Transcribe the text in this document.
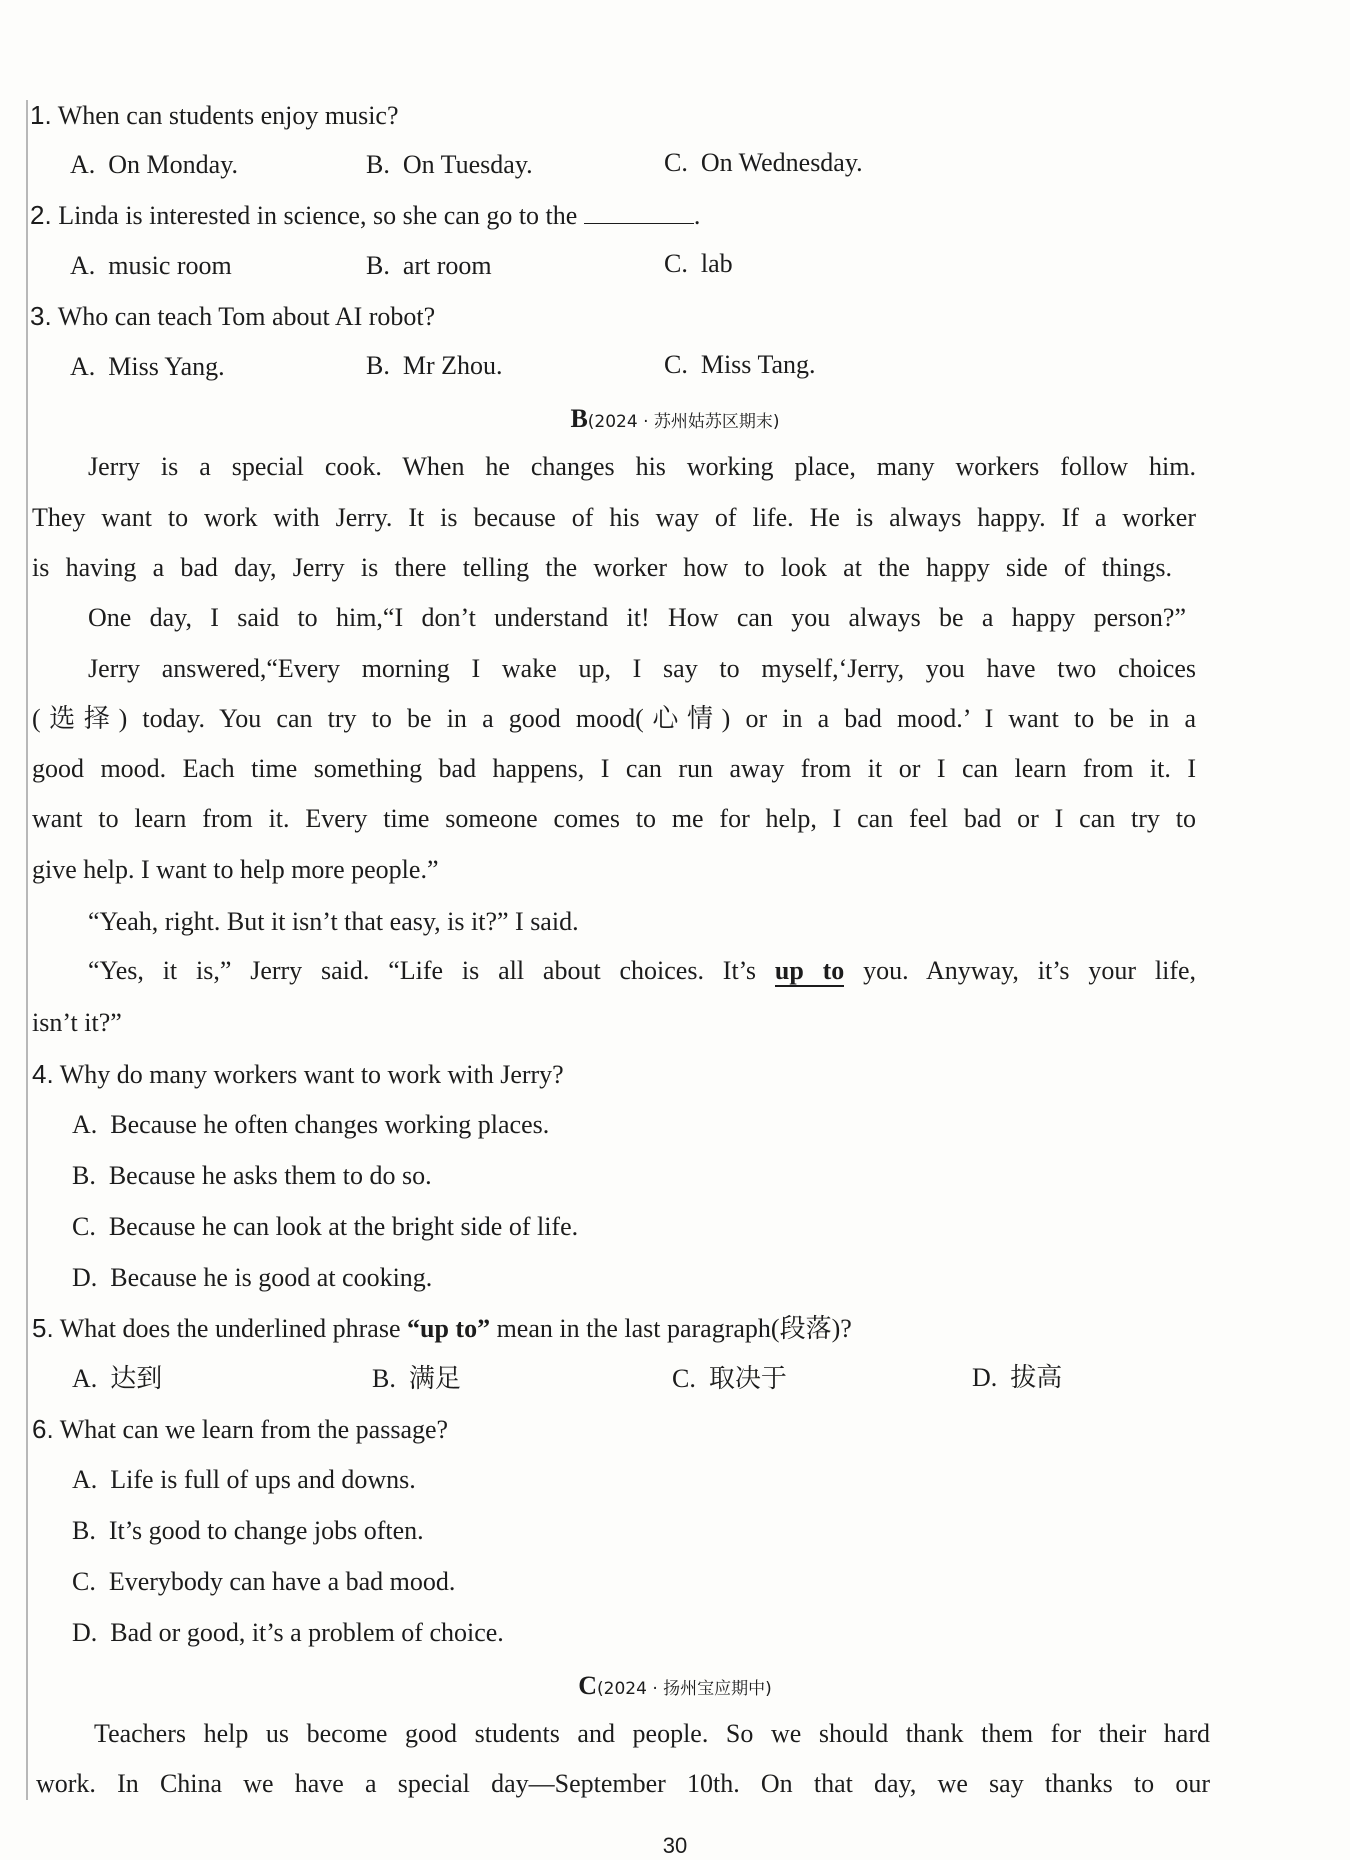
1. When can students enjoy music?
A. On Monday.	B. On Tuesday.	C. On Wednesday.
2. Linda is interested in science, so she can go to the	.
A. music room	B. art room	C. lab
3. Who can teach Tom about AI robot?
A. Miss Yang.	B. Mr Zhou.	C. Miss Tang.
B(2024 · 苏州姑苏区期末)
Jerry is a special cook. When he changes his working place, many workers follow him.
They want to work with Jerry. It is because of his way of life. He is always happy. If a worker
is having a bad day, Jerry is there telling the worker how to look at the happy side of things.
One day, I said to him,“I don’t understand it! How can you always be a happy person?”
Jerry answered,“Every morning I wake up, I say to myself,‘Jerry, you have two choices
(选择) today. You can try to be in a good mood(心情) or in a bad mood.’ I want to be in a
good mood. Each time something bad happens, I can run away from it or I can learn from it. I
want to learn from it. Every time someone comes to me for help, I can feel bad or I can try to
give help. I want to help more people.”
“Yeah, right. But it isn’t that easy, is it?” I said.
“Yes, it is,” Jerry said. “Life is all about choices. It’s up to you. Anyway, it’s your life,
isn’t it?”
4. Why do many workers want to work with Jerry?
A. Because he often changes working places.
B. Because he asks them to do so.
C. Because he can look at the bright side of life.
D. Because he is good at cooking.
5. What does the underlined phrase “up to” mean in the last paragraph(段落)?
A. 达到	B. 满足	C. 取决于	D. 拔高
6. What can we learn from the passage?
A. Life is full of ups and downs.
B. It’s good to change jobs often.
C. Everybody can have a bad mood.
D. Bad or good, it’s a problem of choice.
C(2024 · 扬州宝应期中)
Teachers help us become good students and people. So we should thank them for their hard
work. In China we have a special day—September 10th. On that day, we say thanks to our
30
